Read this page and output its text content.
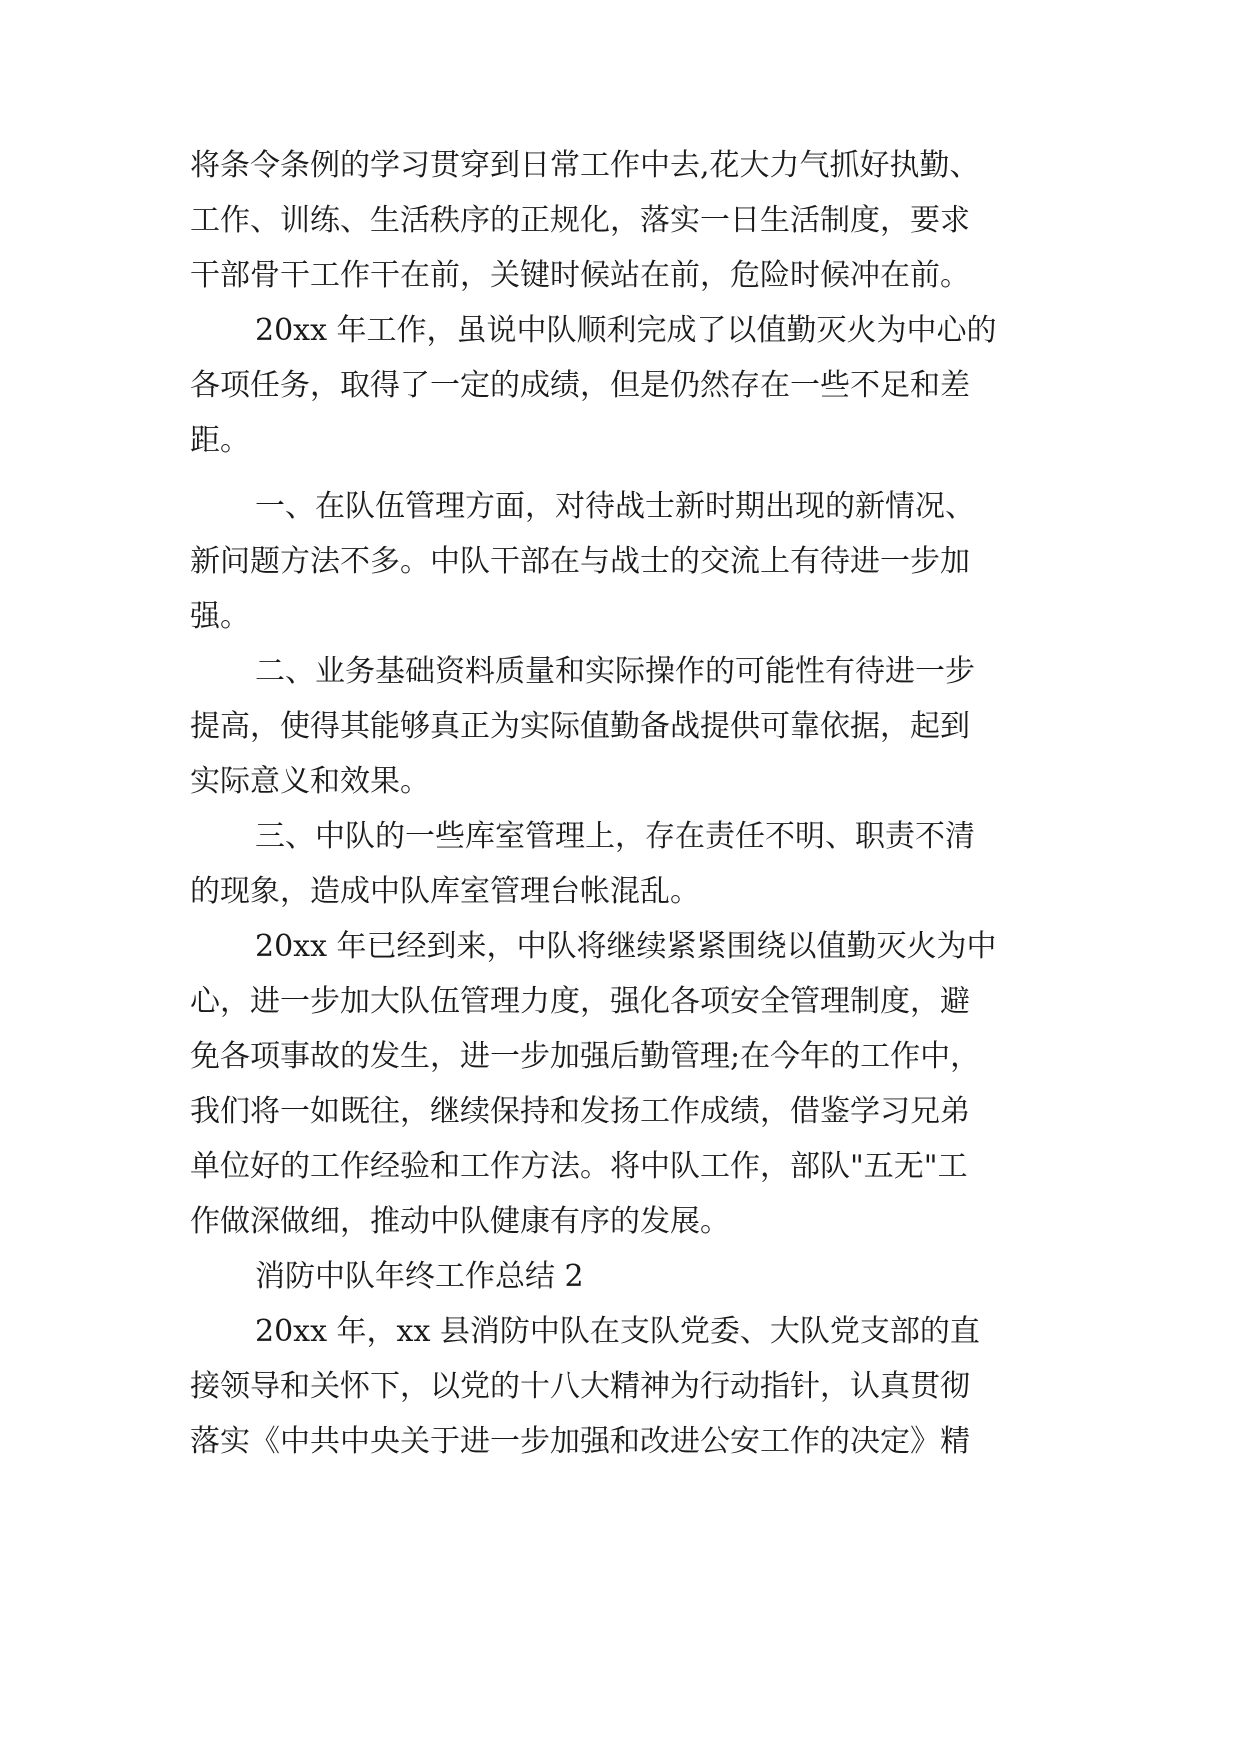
将条令条例的学习贯穿到日常工作中去,花大力气抓好执勤、

工作、训练、生活秩序的正规化，落实一日生活制度，要求

干部骨干工作干在前，关键时候站在前，危险时候冲在前。

20xx 年工作，虽说中队顺利完成了以值勤灭火为中心的

各项任务，取得了一定的成绩，但是仍然存在一些不足和差

距。

一、在队伍管理方面，对待战士新时期出现的新情况、

新问题方法不多。中队干部在与战士的交流上有待进一步加

强。

二、业务基础资料质量和实际操作的可能性有待进一步

提高，使得其能够真正为实际值勤备战提供可靠依据，起到

实际意义和效果。

三、中队的一些库室管理上，存在责任不明、职责不清

的现象，造成中队库室管理台帐混乱。

20xx 年已经到来，中队将继续紧紧围绕以值勤灭火为中

心，进一步加大队伍管理力度，强化各项安全管理制度，避

免各项事故的发生，进一步加强后勤管理;在今年的工作中，

我们将一如既往，继续保持和发扬工作成绩，借鉴学习兄弟

单位好的工作经验和工作方法。将中队工作，部队"五无"工

作做深做细，推动中队健康有序的发展。

消防中队年终工作总结 2

20xx 年，xx 县消防中队在支队党委、大队党支部的直

接领导和关怀下，以党的十八大精神为行动指针，认真贯彻

落实《中共中央关于进一步加强和改进公安工作的决定》精
